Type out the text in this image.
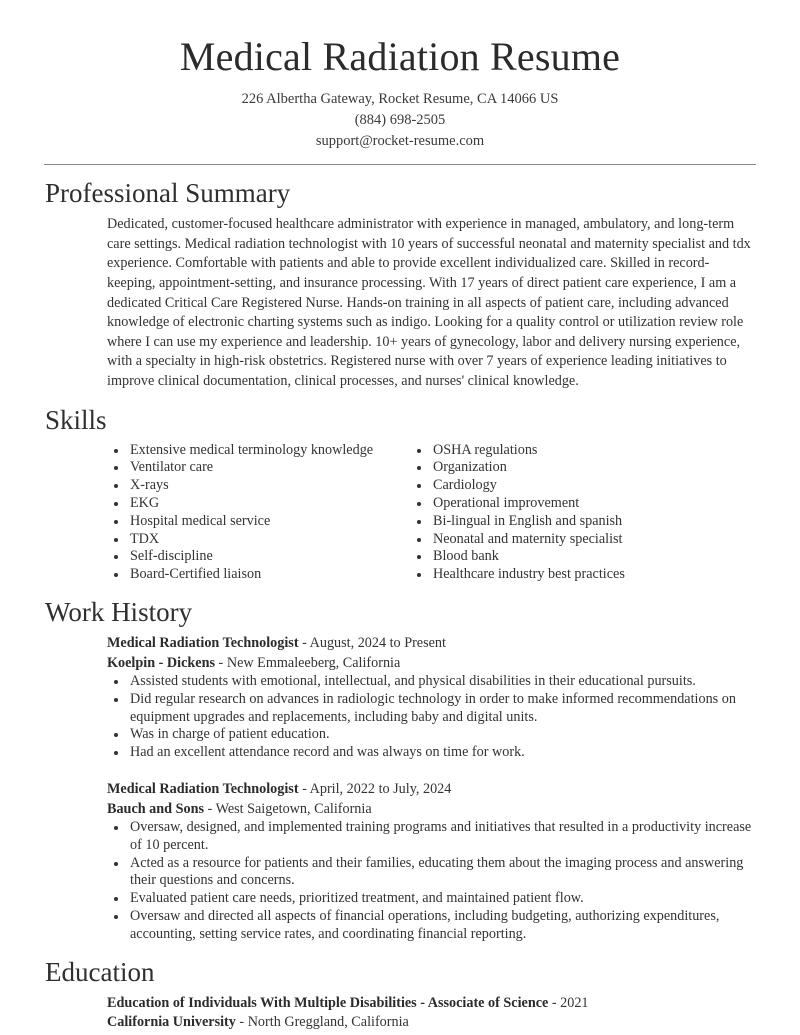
Medical Radiation Resume
226 Albertha Gateway, Rocket Resume, CA 14066 US
(884) 698-2505
support@rocket-resume.com
Professional Summary

Dedicated, customer-focused healthcare administrator with experience in managed, ambulatory, and long-term care settings. Medical radiation technologist with 10 years of successful neonatal and maternity specialist and tdx experience. Comfortable with patients and able to provide excellent individualized care. Skilled in record-keeping, appointment-setting, and insurance processing. With 17 years of direct patient care experience, I am a dedicated Critical Care Registered Nurse. Hands-on training in all aspects of patient care, including advanced knowledge of electronic charting systems such as indigo. Looking for a quality control or utilization review role where I can use my experience and leadership. 10+ years of gynecology, labor and delivery nursing experience, with a specialty in high-risk obstetrics. Registered nurse with over 7 years of experience leading initiatives to improve clinical documentation, clinical processes, and nurses' clinical knowledge.

Skills
• Extensive medical terminology knowledge
• Ventilator care
• X-rays
• EKG
• Hospital medical service
• TDX
• Self-discipline
• Board-Certified liaison
• OSHA regulations
• Organization
• Cardiology
• Operational improvement
• Bi-lingual in English and spanish
• Neonatal and maternity specialist
• Blood bank
• Healthcare industry best practices
Work History
Medical Radiation Technologist - August, 2024 to Present
Koelpin - Dickens - New Emmaleeberg, California
• Assisted students with emotional, intellectual, and physical disabilities in their educational pursuits.
• Did regular research on advances in radiologic technology in order to make informed recommendations on equipment upgrades and replacements, including baby and digital units.
• Was in charge of patient education.
• Had an excellent attendance record and was always on time for work.
Medical Radiation Technologist - April, 2022 to July, 2024
Bauch and Sons - West Saigetown, California
• Oversaw, designed, and implemented training programs and initiatives that resulted in a productivity increase of 10 percent.
• Acted as a resource for patients and their families, educating them about the imaging process and answering their questions and concerns.
• Evaluated patient care needs, prioritized treatment, and maintained patient flow.
• Oversaw and directed all aspects of financial operations, including budgeting, authorizing expenditures, accounting, setting service rates, and coordinating financial reporting.
Education
Education of Individuals With Multiple Disabilities - Associate of Science - 2021
California University - North Greggland, California
